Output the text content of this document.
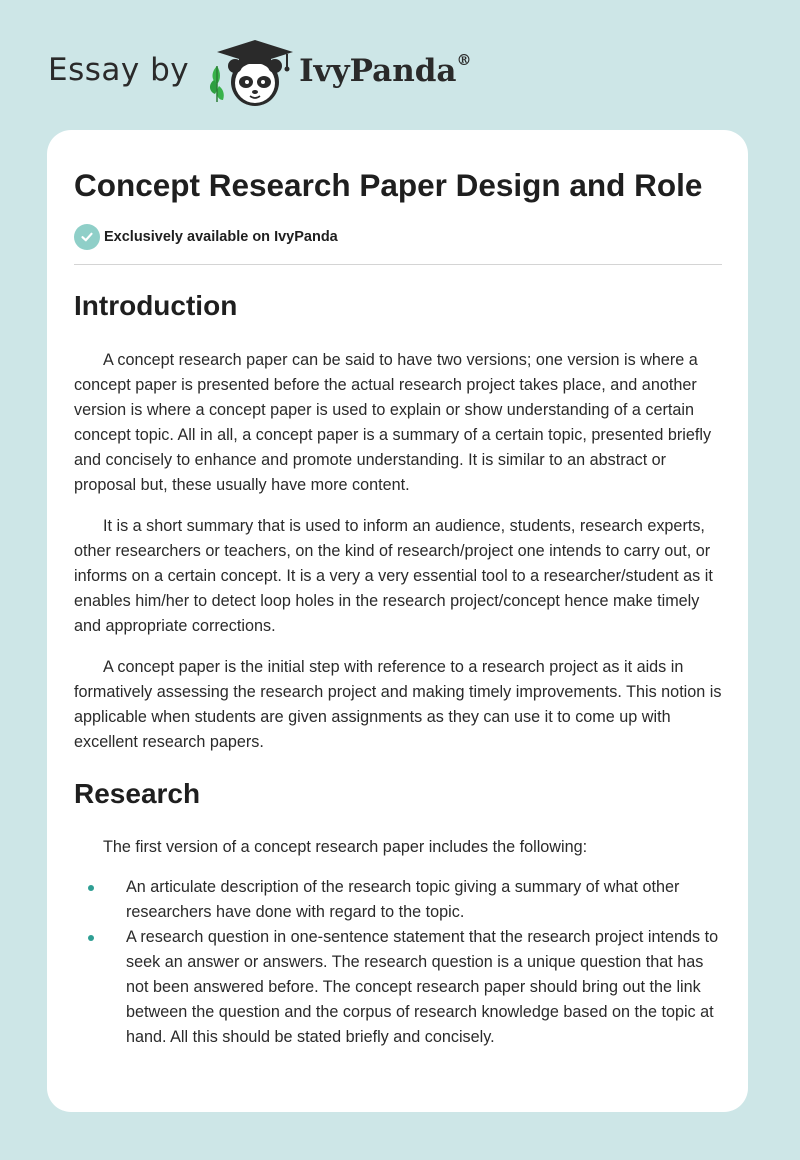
Essay by	IvyPanda®
Concept Research Paper Design and Role
Exclusively available on IvyPanda
Introduction

A concept research paper can be said to have two versions; one version is where a concept paper is presented before the actual research project takes place, and another version is where a concept paper is used to explain or show understanding of a certain concept topic. All in all, a concept paper is a summary of a certain topic, presented briefly and concisely to enhance and promote understanding. It is similar to an abstract or proposal but, these usually have more content.

It is a short summary that is used to inform an audience, students, research experts, other researchers or teachers, on the kind of research/project one intends to carry out, or informs on a certain concept. It is a very a very essential tool to a researcher/student as it enables him/her to detect loop holes in the research project/concept hence make timely and appropriate corrections.

A concept paper is the initial step with reference to a research project as it aids in formatively assessing the research project and making timely improvements. This notion is applicable when students are given assignments as they can use it to come up with excellent research papers.

Research

The first version of a concept research paper includes the following:

An articulate description of the research topic giving a summary of what other researchers have done with regard to the topic.
A research question in one-sentence statement that the research project intends to seek an answer or answers. The research question is a unique question that has not been answered before. The concept research paper should bring out the link between the question and the corpus of research knowledge based on the topic at hand. All this should be stated briefly and concisely.
